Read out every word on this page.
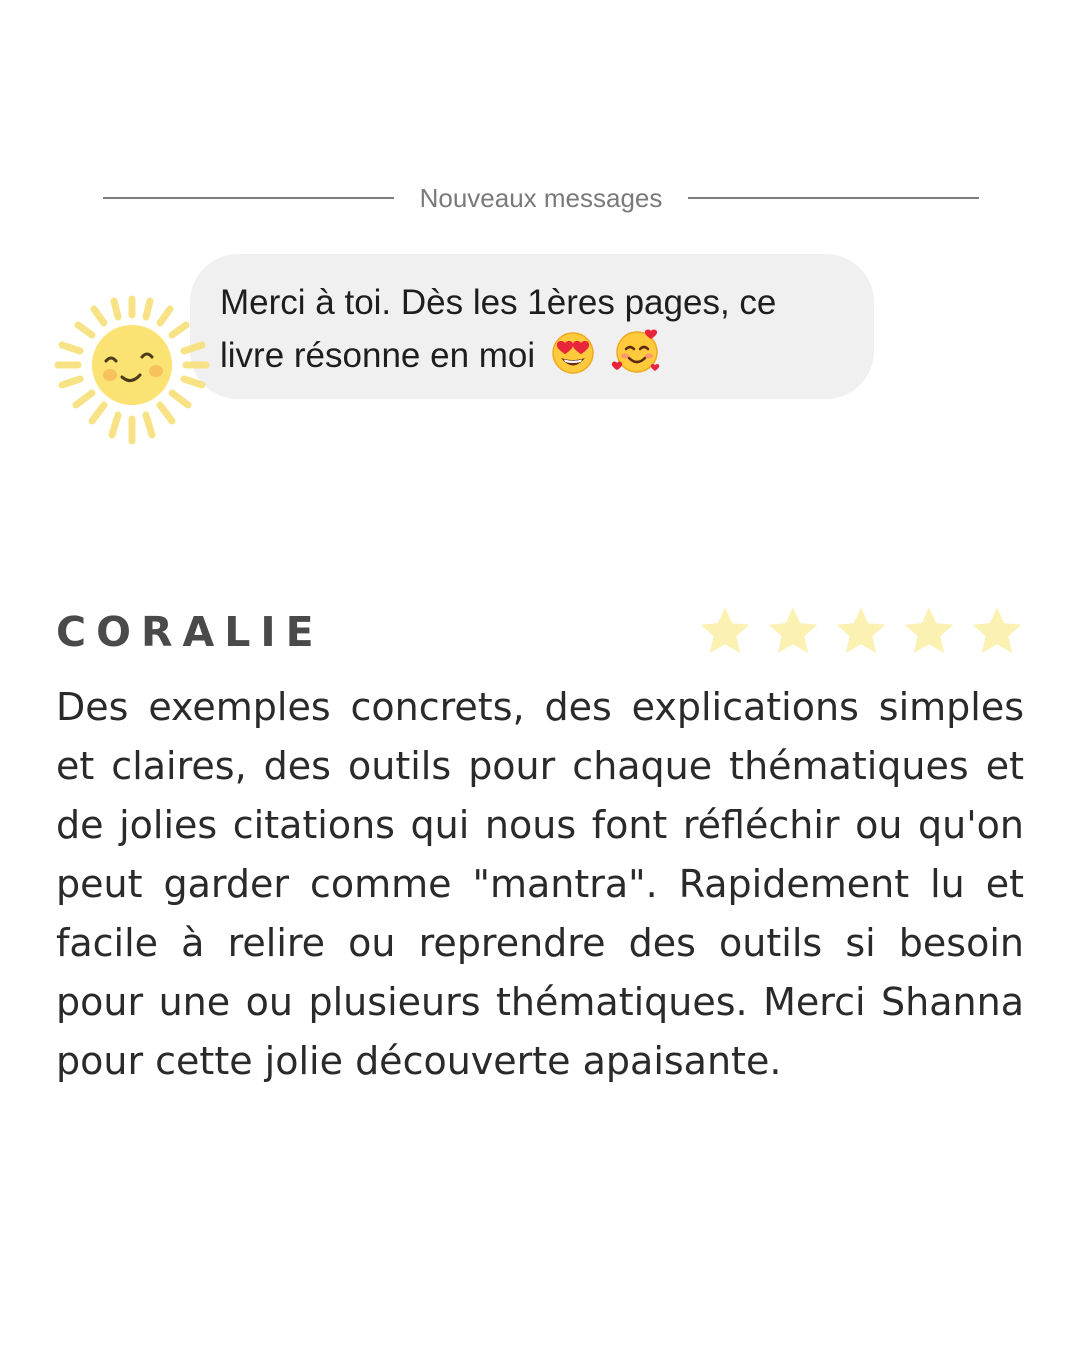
Nouveaux messages
Merci à toi. Dès les 1ères pages, ce
livre résonne en moi
CORALIE

Des exemples concrets, des explications simples et claires, des outils pour chaque thématiques et de jolies citations qui nous font réfléchir ou qu'on peut garder comme "mantra". Rapidement lu et facile à relire ou reprendre des outils si besoin pour une ou plusieurs thématiques. Merci Shanna pour cette jolie découverte apaisante.
